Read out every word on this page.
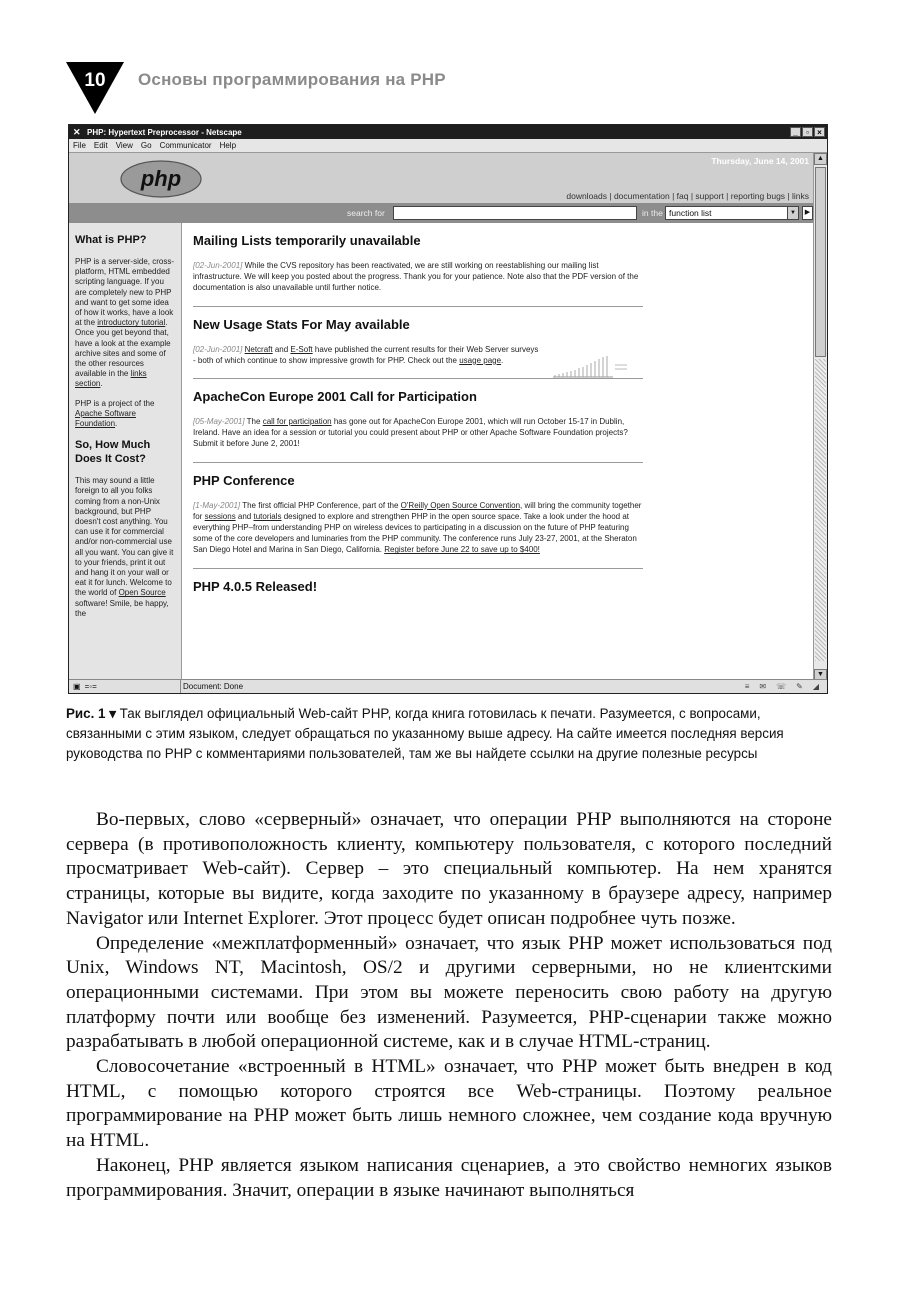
10	Основы программирования на PHP
✕ PHP: Hypertext Preprocessor - Netscape	_	▫	×
File Edit View Go Communicator Help
php
Thursday, June 14, 2001
downloads | documentation | faq | support | reporting bugs | links
search for	in the function list	▼	▶
What is PHP?
PHP is a server-side, cross-platform, HTML embedded scripting language. If you are completely new to PHP and want to get some idea of how it works, have a look at the introductory tutorial. Once you get beyond that, have a look at the example archive sites and some of the other resources available in the links section.
PHP is a project of the Apache Software Foundation.
So, How Much Does It Cost?
This may sound a little foreign to all you folks coming from a non-Unix background, but PHP doesn't cost anything. You can use it for commercial and/or non-commercial use all you want. You can give it to your friends, print it out and hang it on your wall or eat it for lunch. Welcome to the world of Open Source software! Smile, be happy, the
Mailing Lists temporarily unavailable
[02-Jun-2001] While the CVS repository has been reactivated, we are still working on reestablishing our mailing list infrastructure. We will keep you posted about the progress. Thank you for your patience. Note also that the PDF version of the documentation is also unavailable until further notice.
New Usage Stats For May available
[02-Jun-2001] Netcraft and E-Soft have published the current results for their Web Server surveys - both of which continue to show impressive growth for PHP. Check out the usage page.
ApacheCon Europe 2001 Call for Participation
[05-May-2001] The call for participation has gone out for ApacheCon Europe 2001, which will run October 15-17 in Dublin, Ireland. Have an idea for a session or tutorial you could present about PHP or other Apache Software Foundation projects? Submit it before June 2, 2001!
PHP Conference
[1-May-2001] The first official PHP Conference, part of the O'Reilly Open Source Convention, will bring the community together for sessions and tutorials designed to explore and strengthen PHP in the open source space. Take a look under the hood at everything PHP–from understanding PHP on wireless devices to participating in a discussion on the future of PHP featuring some of the core developers and luminaries from the PHP community. The conference runs July 23-27, 2001, at the Sheraton San Diego Hotel and Marina in San Diego, California. Register before June 22 to save up to $400!
PHP 4.0.5 Released!
▲
▼
▣ =◦=	Document: Done	≡ ✉ ☏ ✎ ◢
Рис. 1 ▾ Так выглядел официальный Web-сайт PHP, когда книга готовилась к печати. Разумеется, с вопросами, связанными с этим языком, следует обращаться по указанному выше адресу. На сайте имеется последняя версия руководства по PHP с комментариями пользователей, там же вы найдете ссылки на другие полезные ресурсы

Во-первых, слово «серверный» означает, что операции PHP выполняются на стороне сервера (в противоположность клиенту, компьютеру пользователя, с которого последний просматривает Web-сайт). Сервер – это специальный компьютер. На нем хранятся страницы, которые вы видите, когда заходите по указанному в браузере адресу, например Navigator или Internet Explorer. Этот процесс будет описан подробнее чуть позже.

Определение «межплатформенный» означает, что язык PHP может использоваться под Unix, Windows NT, Macintosh, OS/2 и другими серверными, но не клиентскими операционными системами. При этом вы можете переносить свою работу на другую платформу почти или вообще без изменений. Разумеется, PHP-сценарии также можно разрабатывать в любой операционной системе, как и в случае HTML-страниц.

Словосочетание «встроенный в HTML» означает, что PHP может быть внедрен в код HTML, с помощью которого строятся все Web-страницы. Поэтому реальное программирование на PHP может быть лишь немного сложнее, чем создание кода вручную на HTML.

Наконец, PHP является языком написания сценариев, а это свойство немногих языков программирования. Значит, операции в языке начинают выполняться
